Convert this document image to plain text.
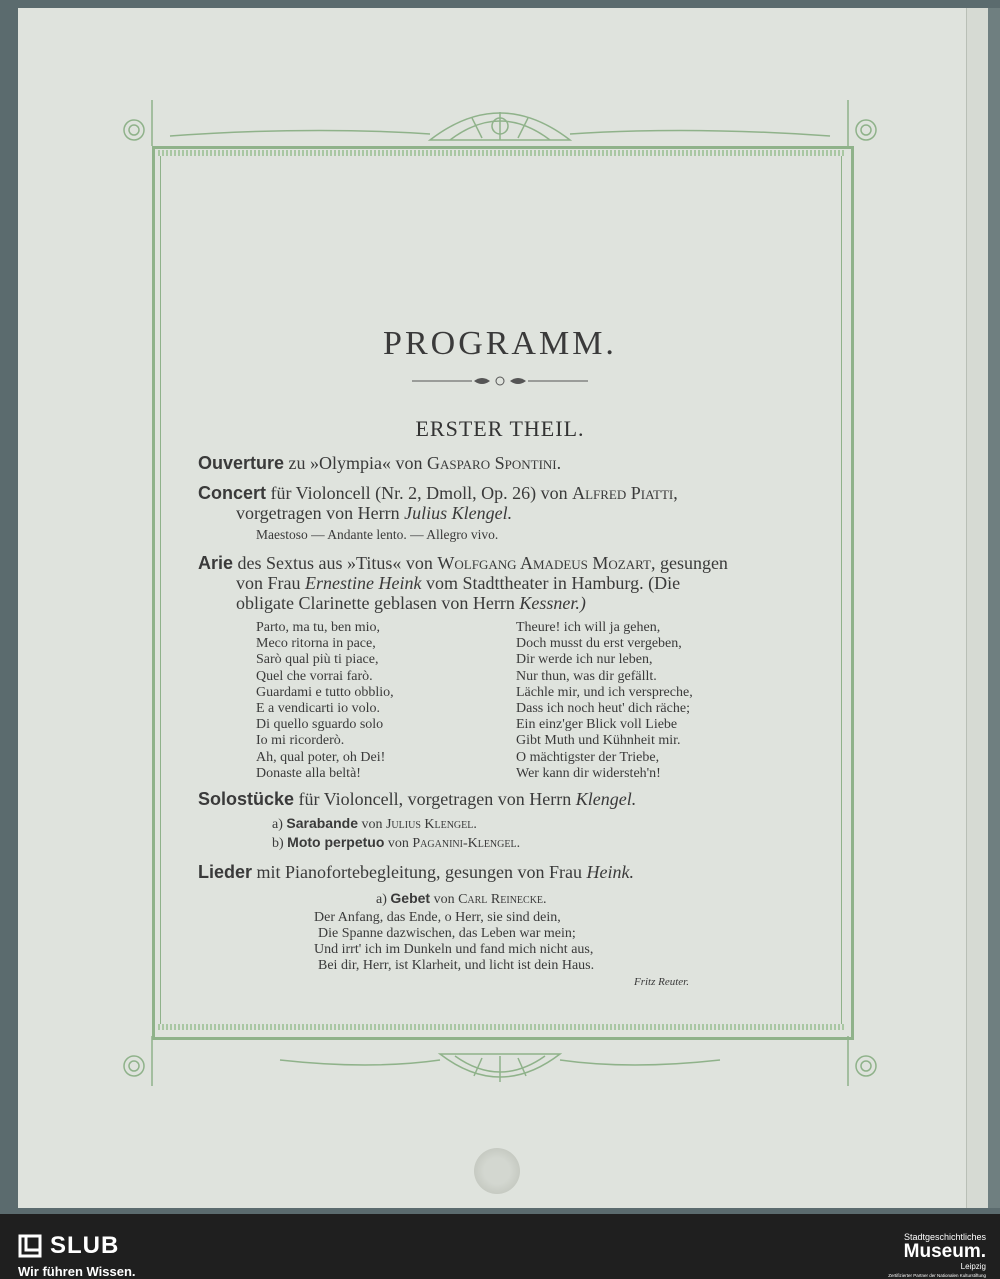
PROGRAMM.
ERSTER THEIL.
Ouverture zu »Olympia« von Gasparo Spontini.
Concert für Violoncell (Nr. 2, Dmoll, Op. 26) von Alfred Piatti,
vorgetragen von Herrn Julius Klengel.
Maestoso — Andante lento. — Allegro vivo.
Arie des Sextus aus »Titus« von Wolfgang Amadeus Mozart, gesungen
von Frau Ernestine Heink vom Stadttheater in Hamburg. (Die
obligate Clarinette geblasen von Herrn Kessner.)
Parto, ma tu, ben mio,
Meco ritorna in pace,
Sarò qual più ti piace,
Quel che vorrai farò.
Guardami e tutto obblio,
E a vendicarti io volo.
Di quello sguardo solo
Io mi ricorderò.
Ah, qual poter, oh Dei!
Donaste alla beltà!
Theure! ich will ja gehen,
Doch musst du erst vergeben,
Dir werde ich nur leben,
Nur thun, was dir gefällt.
Lächle mir, und ich verspreche,
Dass ich noch heut' dich räche;
Ein einz'ger Blick voll Liebe
Gibt Muth und Kühnheit mir.
O mächtigster der Triebe,
Wer kann dir widersteh'n!
Solostücke für Violoncell, vorgetragen von Herrn Klengel.
a) Sarabande von Julius Klengel.
b) Moto perpetuo von Paganini-Klengel.
Lieder mit Pianofortebegleitung, gesungen von Frau Heink.
a) Gebet von Carl Reinecke.
Der Anfang, das Ende, o Herr, sie sind dein,
Die Spanne dazwischen, das Leben war mein;
Und irrt' ich im Dunkeln und fand mich nicht aus,
Bei dir, Herr, ist Klarheit, und licht ist dein Haus.
Fritz Reuter.
SLUB
Wir führen Wissen.
Stadtgeschichtliches
Museum.
Leipzig
Zertifizierter Partner der Nationalen Kulturstiftung
